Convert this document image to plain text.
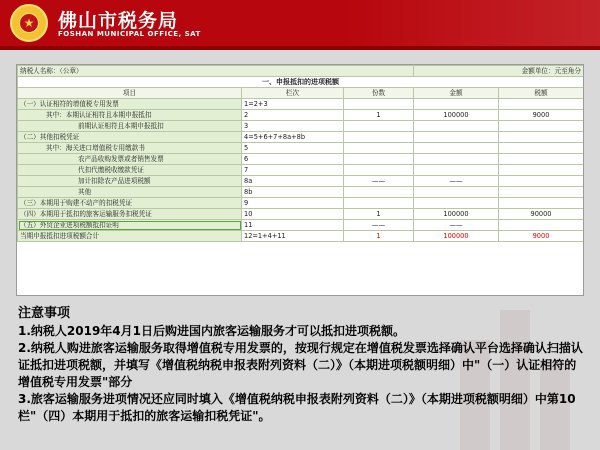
★ 佛山市税务局
FOSHAN MUNICIPAL OFFICE, SAT
纳税人名称：（公章）			金额单位：元至角分	
一、申报抵扣的进项税额				
项目	栏次	份数	金额	税额
（一）认证相符的增值税专用发票	1=2+3			
其中：本期认证相符且本期申报抵扣	2	1	100000	9000
前期认证相符且本期申报抵扣	3			
（二）其他扣税凭证	4=5+6+7+8a+8b			
其中：海关进口增值税专用缴款书	5			
农产品收购发票或者销售发票	6			
代扣代缴税收缴款凭证	7			
加计扣除农产品进项税额	8a	——	——	
其他	8b			
（三）本期用于购建不动产的扣税凭证	9			
（四）本期用于抵扣的旅客运输服务扣税凭证	10	1	100000	90000
（五）外贸企业进项税额抵扣证明	11	——	——	
当期申报抵扣进项税额合计	12=1+4+11	1	100000	9000
注意事项

1.纳税人2019年4月1日后购进国内旅客运输服务才可以抵扣进项税额。

2.纳税人购进旅客运输服务取得增值税专用发票的，按现行规定在增值税发票选择确认平台选择确认扫描认证抵扣进项税额，并填写《增值税纳税申报表附列资料（二）》（本期进项税额明细）中"（一）认证相符的增值税专用发票"部分

3.旅客运输服务进项情况还应同时填入《增值税纳税申报表附列资料（二）》（本期进项税额明细）中第10栏"（四）本期用于抵扣的旅客运输扣税凭证"。
